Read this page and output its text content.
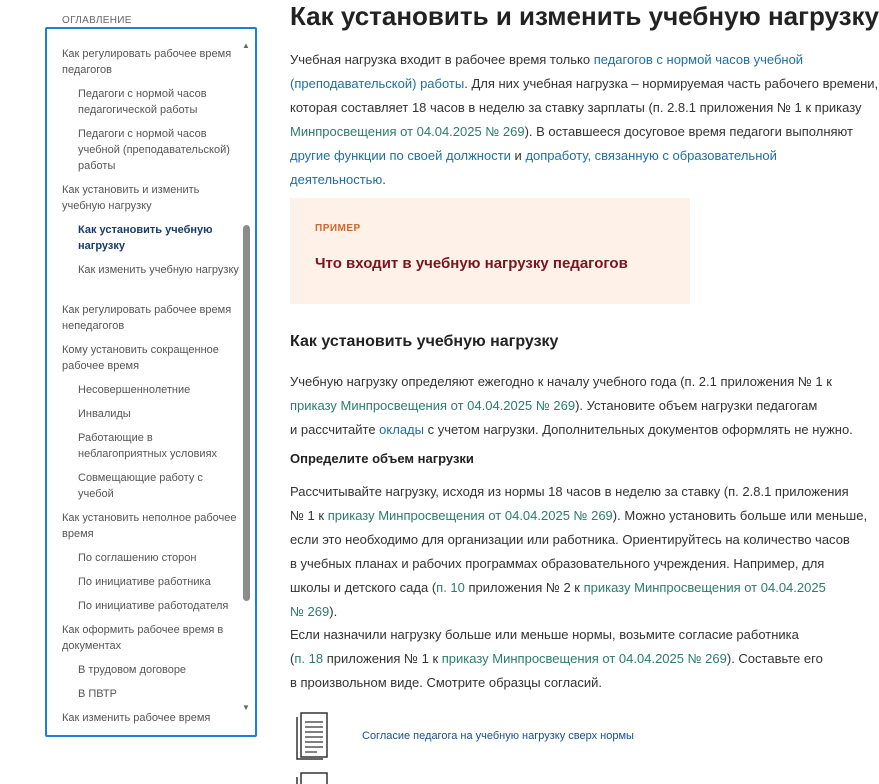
ОГЛАВЛЕНИЕ
▲
Как регулировать рабочее время педагогов
Педагоги с нормой часов педагогической работы
Педагоги с нормой часов учебной (преподавательской) работы
Как установить и изменить учебную нагрузку
Как установить учебную нагрузку
Как изменить учебную нагрузку
Как регулировать рабочее время непедагогов
Кому установить сокращенное рабочее время
Несовершеннолетние
Инвалиды
Работающие в неблагоприятных условиях
Совмещающие работу с учебой
Как установить неполное рабочее время
По соглашению сторон
По инициативе работника
По инициативе работодателя
Как оформить рабочее время в документах
В трудовом договоре
В ПВТР
Как изменить рабочее время
▼
Как установить и изменить учебную нагрузку
Учебная нагрузка входит в рабочее время только педагогов с нормой часов учебной
(преподавательской) работы. Для них учебная нагрузка – нормируемая часть рабочего времени,
которая составляет 18 часов в неделю за ставку зарплаты (п. 2.8.1 приложения № 1 к приказу
Минпросвещения от 04.04.2025 № 269). В оставшееся досуговое время педагоги выполняют
другие функции по своей должности и допработу, связанную с образовательной
деятельностью.
ПРИМЕР
Что входит в учебную нагрузку педагогов
Как установить учебную нагрузку
Учебную нагрузку определяют ежегодно к началу учебного года (п. 2.1 приложения № 1 к
приказу Минпросвещения от 04.04.2025 № 269). Установите объем нагрузки педагогам
и рассчитайте оклады с учетом нагрузки. Дополнительных документов оформлять не нужно.
Определите объем нагрузки
Рассчитывайте нагрузку, исходя из нормы 18 часов в неделю за ставку (п. 2.8.1 приложения
№ 1 к приказу Минпросвещения от 04.04.2025 № 269). Можно установить больше или меньше,
если это необходимо для организации или работника. Ориентируйтесь на количество часов
в учебных планах и рабочих программах образовательного учреждения. Например, для
школы и детского сада (п. 10 приложения № 2 к приказу Минпросвещения от 04.04.2025
№ 269).
Если назначили нагрузку больше или меньше нормы, возьмите согласие работника
(п. 18 приложения № 1 к приказу Минпросвещения от 04.04.2025 № 269). Составьте его
в произвольном виде. Смотрите образцы согласий.
Согласие педагога на учебную нагрузку сверх нормы
